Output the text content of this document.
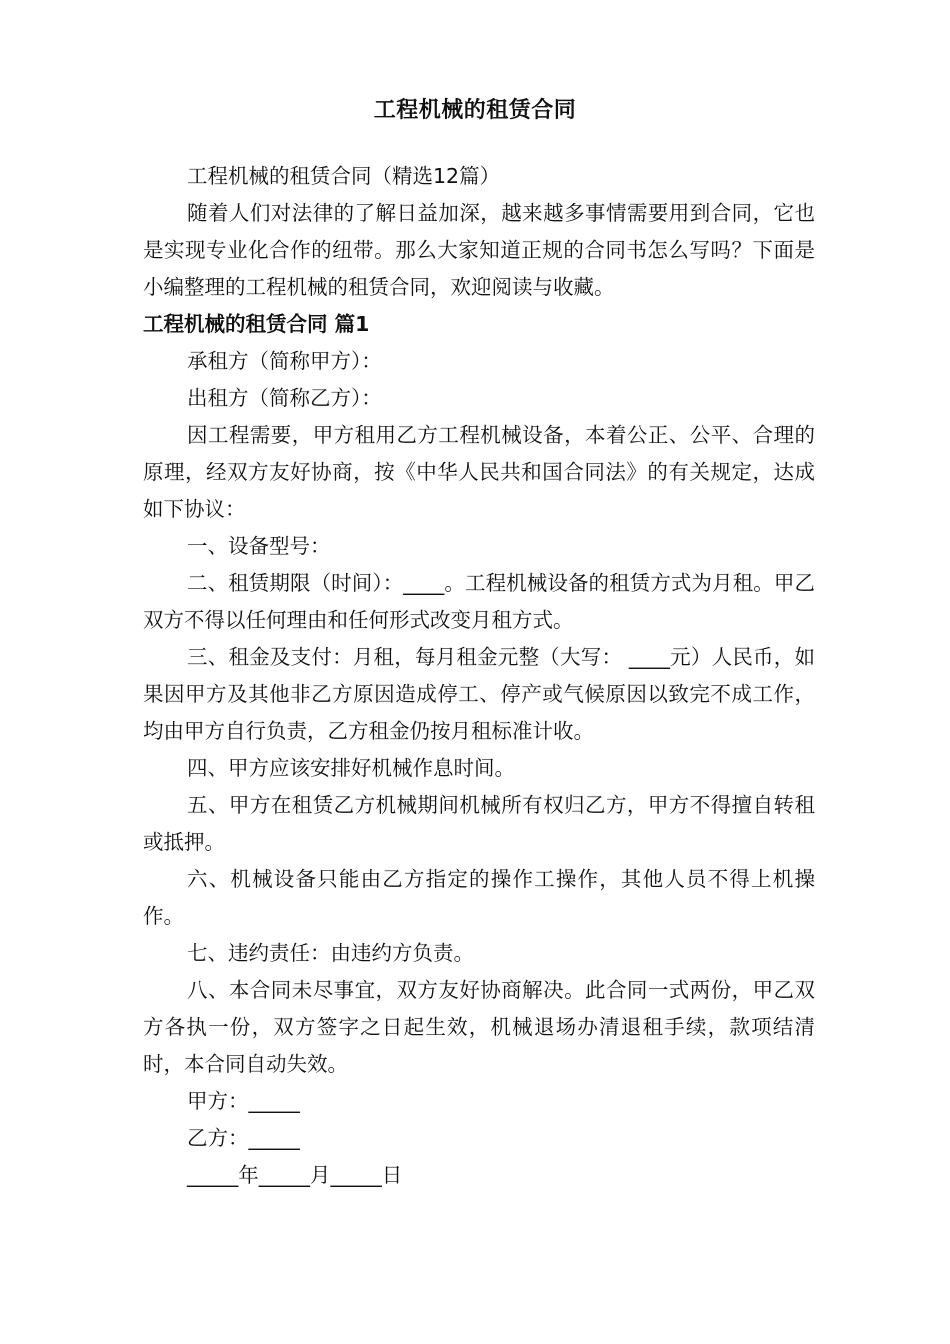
工程机械的租赁合同

工程机械的租赁合同（精选12篇）

随着人们对法律的了解日益加深，越来越多事情需要用到合同，它也是实现专业化合作的纽带。那么大家知道正规的合同书怎么写吗？下面是小编整理的工程机械的租赁合同，欢迎阅读与收藏。

工程机械的租赁合同 篇1

承租方（简称甲方）：

出租方（简称乙方）：

因工程需要，甲方租用乙方工程机械设备，本着公正、公平、合理的原理，经双方友好协商，按《中华人民共和国合同法》的有关规定，达成如下协议：

一、设备型号：

二、租赁期限（时间）：____。工程机械设备的租赁方式为月租。甲乙双方不得以任何理由和任何形式改变月租方式。

三、租金及支付：月租，每月租金元整（大写： ____元）人民币，如果因甲方及其他非乙方原因造成停工、停产或气候原因以致完不成工作，均由甲方自行负责，乙方租金仍按月租标准计收。

四、甲方应该安排好机械作息时间。

五、甲方在租赁乙方机械期间机械所有权归乙方，甲方不得擅自转租或抵押。

六、机械设备只能由乙方指定的操作工操作，其他人员不得上机操作。

七、违约责任：由违约方负责。

八、本合同未尽事宜，双方友好协商解决。此合同一式两份，甲乙双方各执一份，双方签字之日起生效，机械退场办清退租手续，款项结清时，本合同自动失效。

甲方：_____

乙方：_____

_____年_____月_____日
